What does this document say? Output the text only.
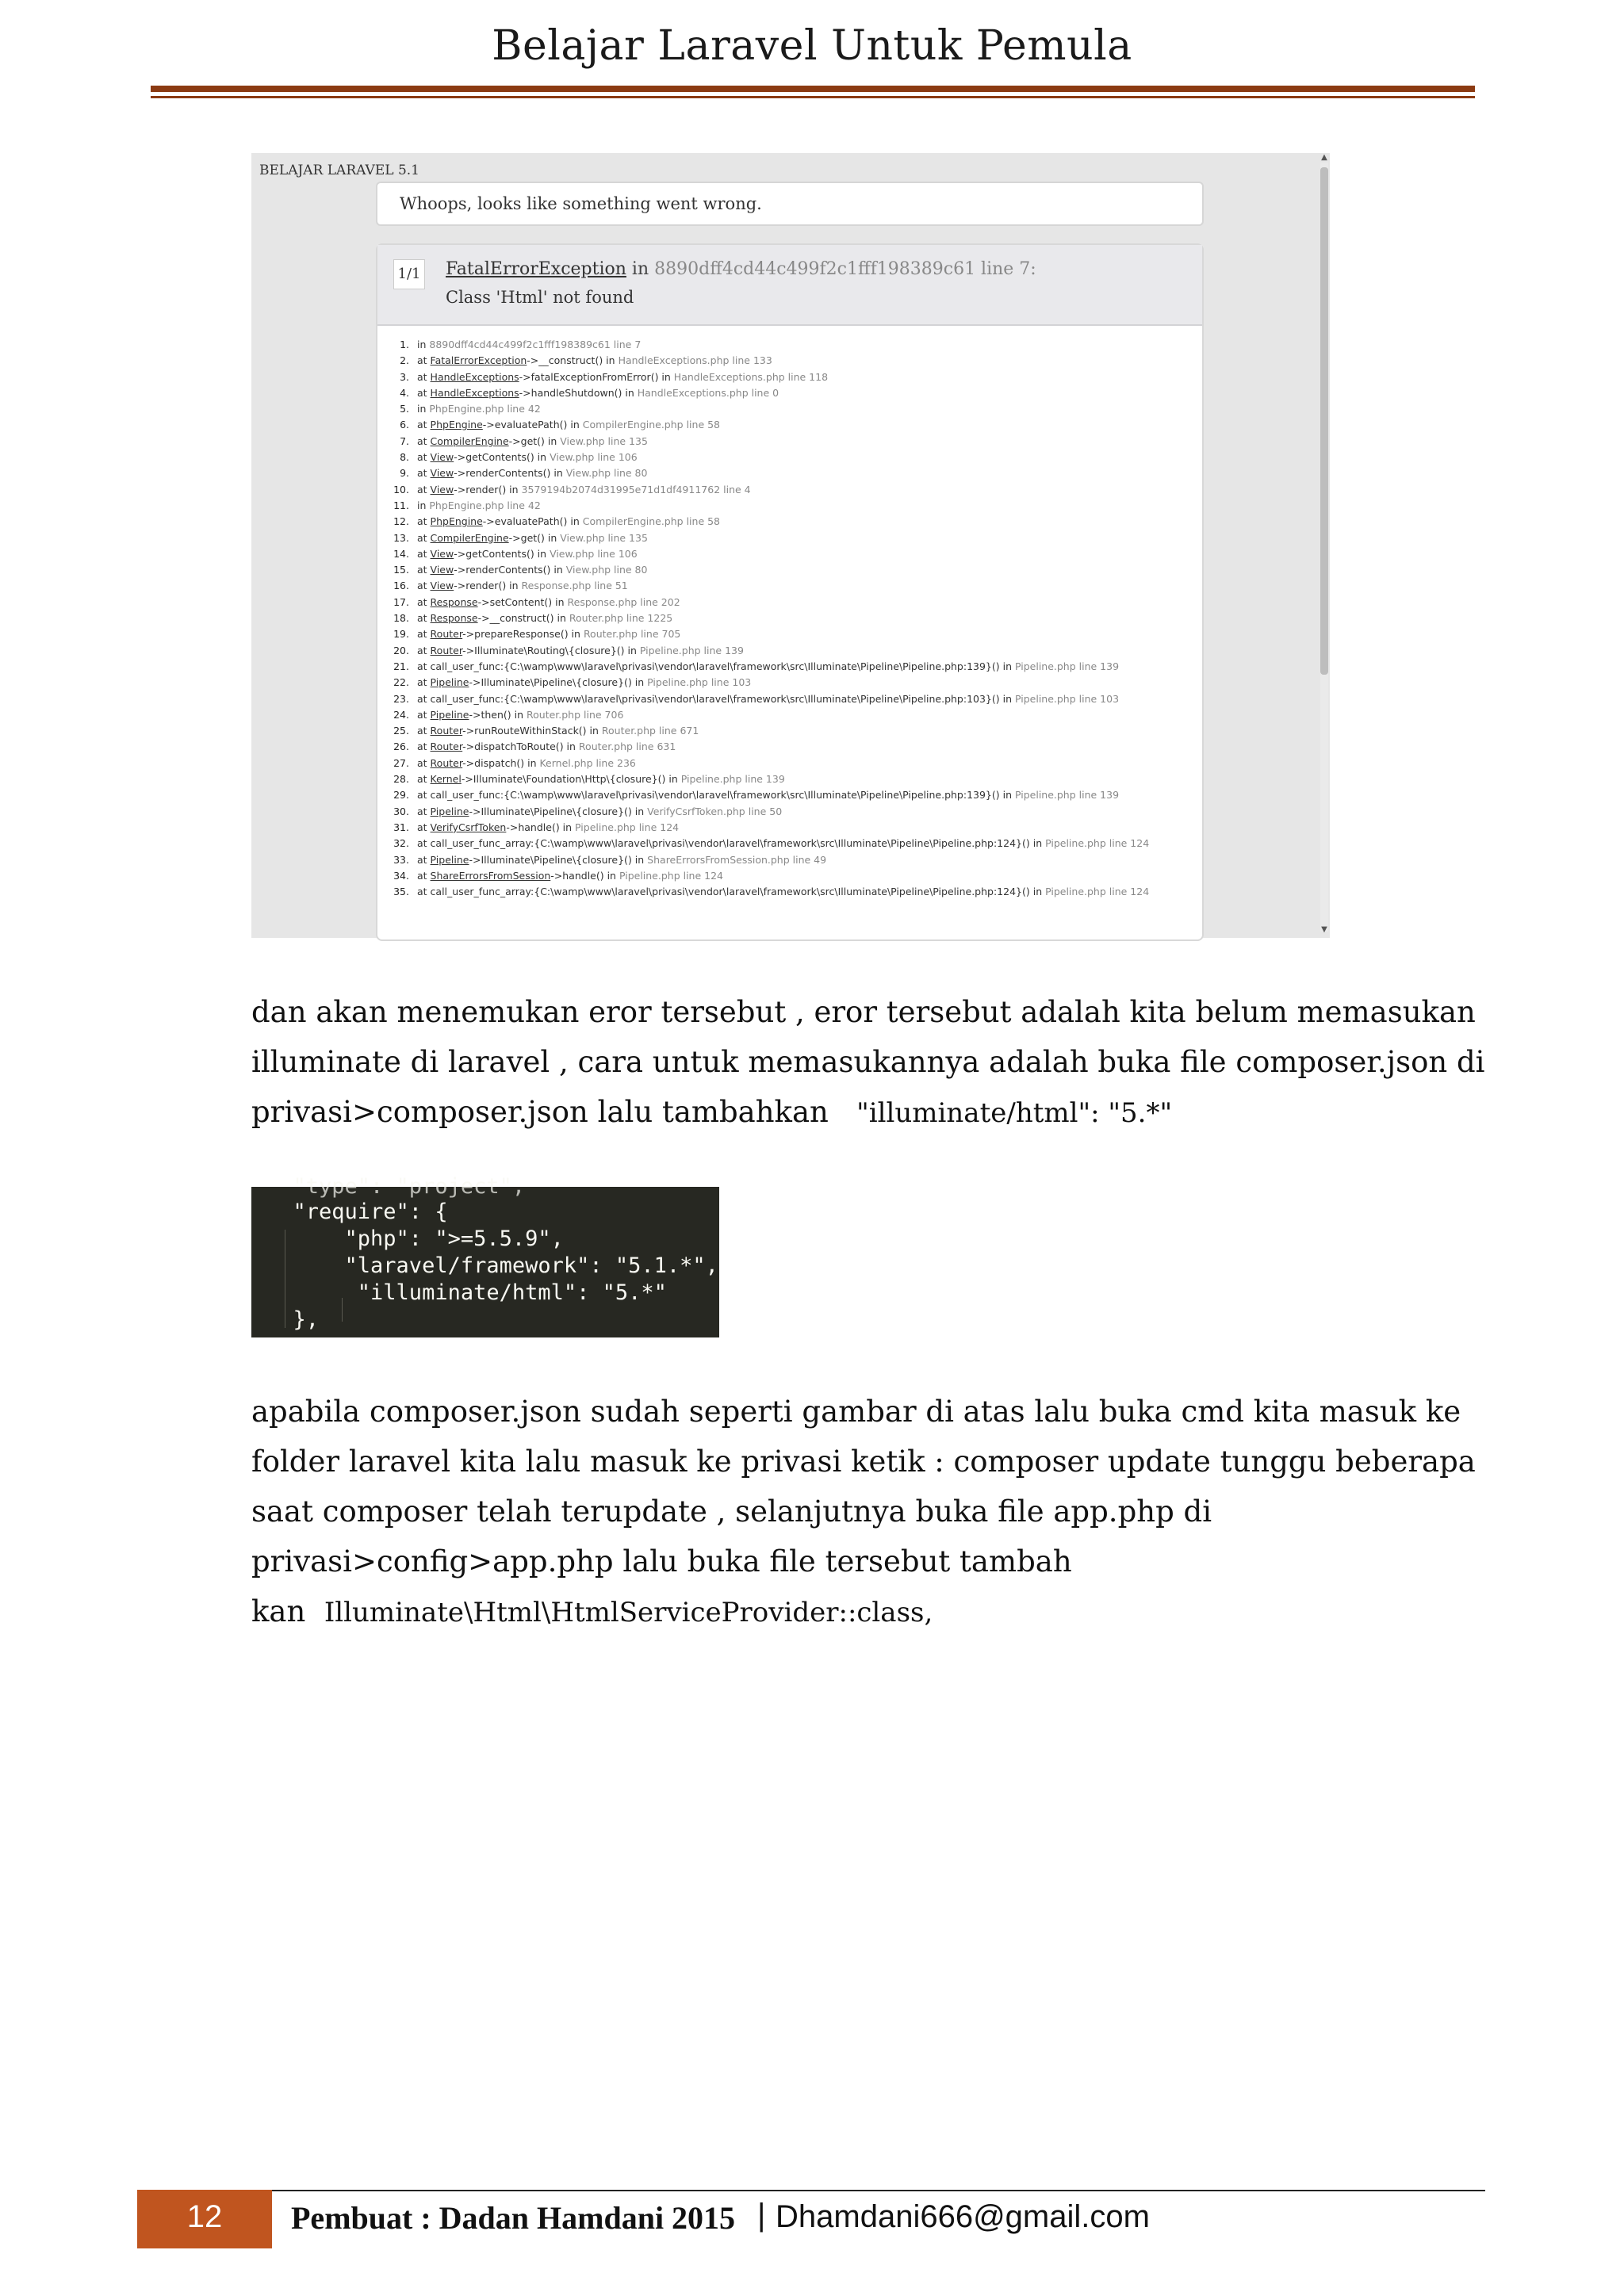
Belajar Laravel Untuk Pemula
BELAJAR LARAVEL 5.1
Whoops, looks like something went wrong.
1/1 FatalErrorException in 8890dff4cd44c499f2c1fff198389c61 line 7:
Class 'Html' not found
1. in 8890dff4cd44c499f2c1fff198389c61 line 7
2. at FatalErrorException->__construct() in HandleExceptions.php line 133
3. at HandleExceptions->fatalExceptionFromError() in HandleExceptions.php line 118
4. at HandleExceptions->handleShutdown() in HandleExceptions.php line 0
5. in PhpEngine.php line 42
6. at PhpEngine->evaluatePath() in CompilerEngine.php line 58
7. at CompilerEngine->get() in View.php line 135
8. at View->getContents() in View.php line 106
9. at View->renderContents() in View.php line 80
10. at View->render() in 3579194b2074d31995e71d1df4911762 line 4
11. in PhpEngine.php line 42
12. at PhpEngine->evaluatePath() in CompilerEngine.php line 58
13. at CompilerEngine->get() in View.php line 135
14. at View->getContents() in View.php line 106
15. at View->renderContents() in View.php line 80
16. at View->render() in Response.php line 51
17. at Response->setContent() in Response.php line 202
18. at Response->__construct() in Router.php line 1225
19. at Router->prepareResponse() in Router.php line 705
20. at Router->Illuminate\Routing\{closure}() in Pipeline.php line 139
21. at call_user_func:{C:\wamp\www\laravel\privasi\vendor\laravel\framework\src\Illuminate\Pipeline\Pipeline.php:139}() in Pipeline.php line 139
22. at Pipeline->Illuminate\Pipeline\{closure}() in Pipeline.php line 103
23. at call_user_func:{C:\wamp\www\laravel\privasi\vendor\laravel\framework\src\Illuminate\Pipeline\Pipeline.php:103}() in Pipeline.php line 103
24. at Pipeline->then() in Router.php line 706
25. at Router->runRouteWithinStack() in Router.php line 671
26. at Router->dispatchToRoute() in Router.php line 631
27. at Router->dispatch() in Kernel.php line 236
28. at Kernel->Illuminate\Foundation\Http\{closure}() in Pipeline.php line 139
29. at call_user_func:{C:\wamp\www\laravel\privasi\vendor\laravel\framework\src\Illuminate\Pipeline\Pipeline.php:139}() in Pipeline.php line 139
30. at Pipeline->Illuminate\Pipeline\{closure}() in VerifyCsrfToken.php line 50
31. at VerifyCsrfToken->handle() in Pipeline.php line 124
32. at call_user_func_array:{C:\wamp\www\laravel\privasi\vendor\laravel\framework\src\Illuminate\Pipeline\Pipeline.php:124}() in Pipeline.php line 124
33. at Pipeline->Illuminate\Pipeline\{closure}() in ShareErrorsFromSession.php line 49
34. at ShareErrorsFromSession->handle() in Pipeline.php line 124
35. at call_user_func_array:{C:\wamp\www\laravel\privasi\vendor\laravel\framework\src\Illuminate\Pipeline\Pipeline.php:124}() in Pipeline.php line 124
▲
▼
dan akan menemukan eror tersebut , eror tersebut adalah kita belum memasukan illuminate di laravel , cara untuk memasukannya adalah buka file composer.json di privasi>composer.json lalu tambahkan "illuminate/html": "5.*"
"type": "project",
"require": {
"php": ">=5.5.9",
"laravel/framework": "5.1.*",
"illuminate/html": "5.*"
},
apabila composer.json sudah seperti gambar di atas lalu buka cmd kita masuk ke folder laravel kita lalu masuk ke privasi ketik : composer update tunggu beberapa saat composer telah terupdate , selanjutnya buka file app.php di privasi>config>app.php lalu buka file tersebut tambah kan Illuminate\Html\HtmlServiceProvider::class,
12	Pembuat : Dadan Hamdani 2015 | Dhamdani666@gmail.com
